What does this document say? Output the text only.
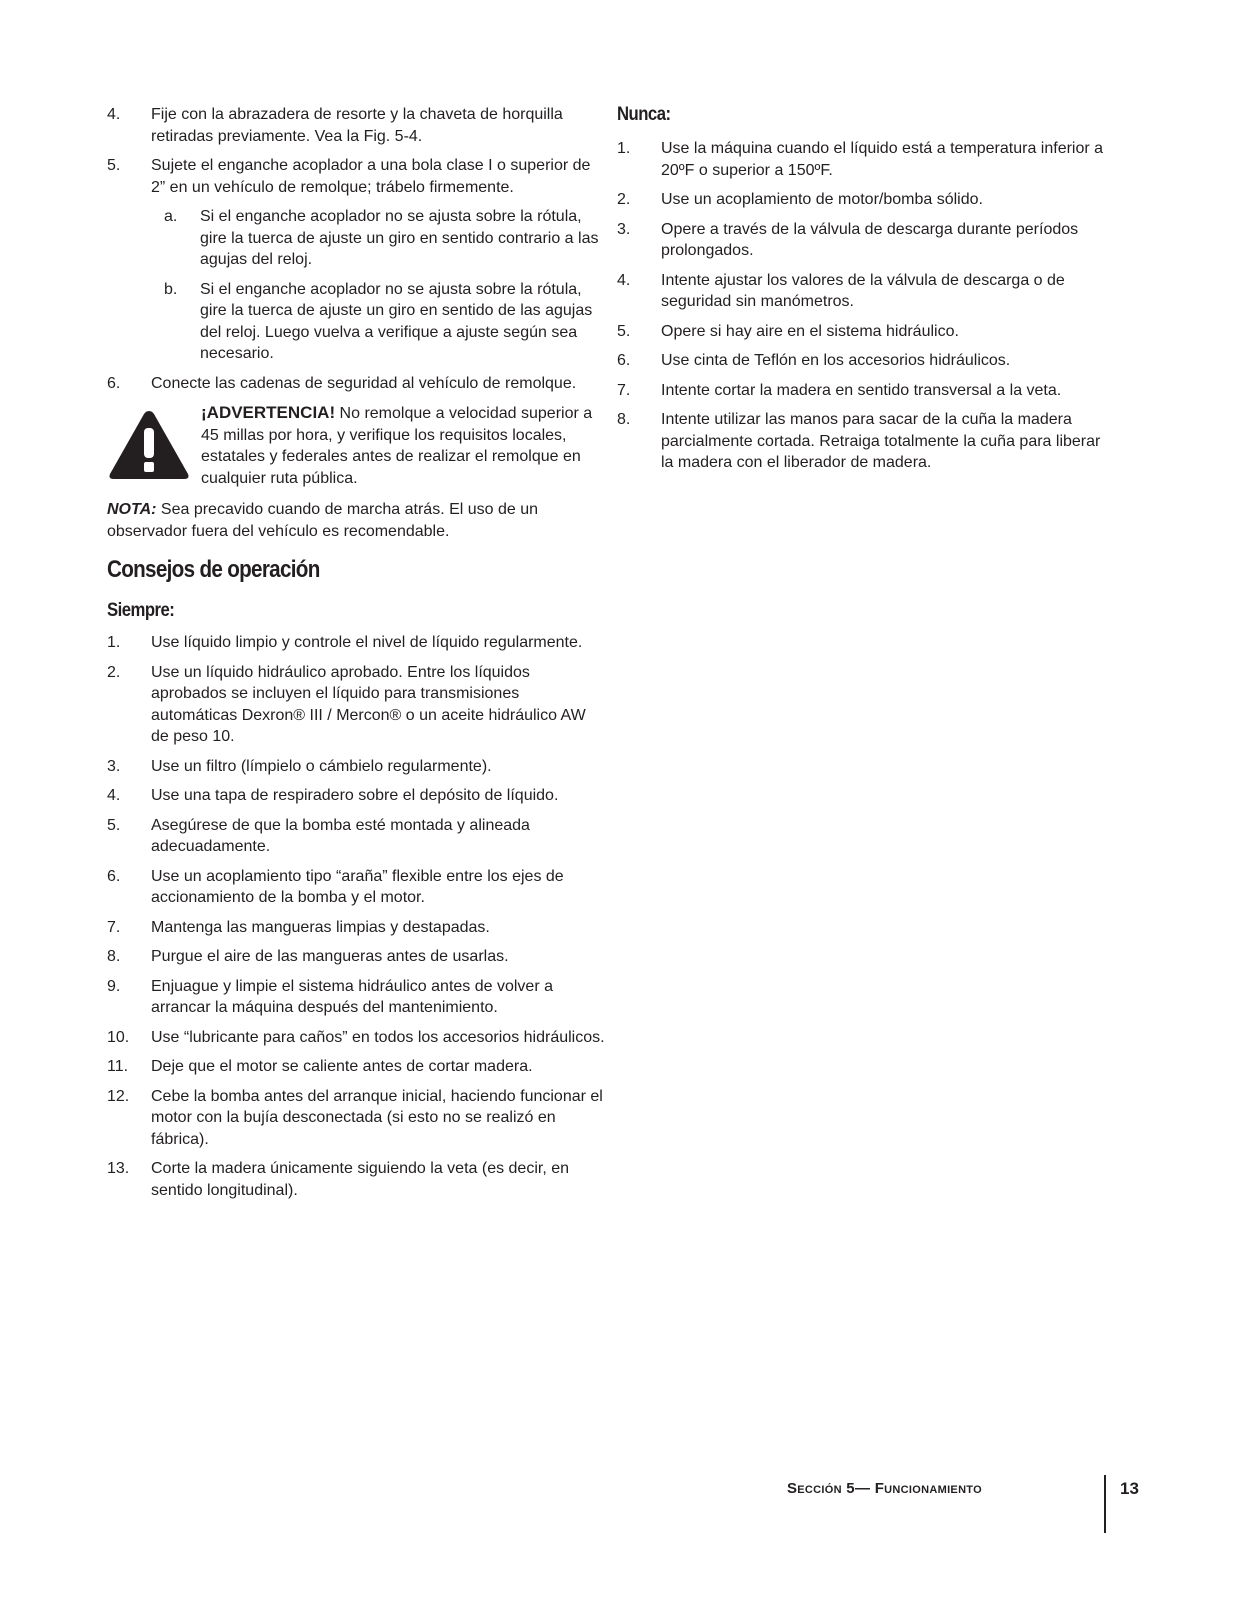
4.	Fije con la abrazadera de resorte y la chaveta de horquilla retiradas previamente. Vea la Fig. 5-4.
5.	Sujete el enganche acoplador a una bola clase I o superior de 2” en un vehículo de remolque; trábelo firmemente.
a.	Si el enganche acoplador no se ajusta sobre la rótula, gire la tuerca de ajuste un giro en sentido contrario a las agujas del reloj.
b.	Si el enganche acoplador no se ajusta sobre la rótula, gire la tuerca de ajuste un giro en sentido de las agujas del reloj. Luego vuelva a verifique a ajuste según sea necesario.
6.	Conecte las cadenas de seguridad al vehículo de remolque.
¡ADVERTENCIA! No remolque a velocidad superior a 45 millas por hora, y verifique los requisitos locales, estatales y federales antes de realizar el remolque en cualquier ruta pública.
NOTA: Sea precavido cuando de marcha atrás. El uso de un observador fuera del vehículo es recomendable.
Consejos de operación
Siempre:
1.	Use líquido limpio y controle el nivel de líquido regularmente.
2.	Use un líquido hidráulico aprobado. Entre los líquidos aprobados se incluyen el líquido para transmisiones automáticas Dexron® III / Mercon® o un aceite hidráulico AW de peso 10.
3.	Use un filtro (límpielo o cámbielo regularmente).
4.	Use una tapa de respiradero sobre el depósito de líquido.
5.	Asegúrese de que la bomba esté montada y alineada adecuadamente.
6.	Use un acoplamiento tipo “araña” flexible entre los ejes de accionamiento de la bomba y el motor.
7.	Mantenga las mangueras limpias y destapadas.
8.	Purgue el aire de las mangueras antes de usarlas.
9.	Enjuague y limpie el sistema hidráulico antes de volver a arrancar la máquina después del mantenimiento.
10.	Use “lubricante para caños” en todos los accesorios hidráulicos.
11.	Deje que el motor se caliente antes de cortar madera.
12.	Cebe la bomba antes del arranque inicial, haciendo funcionar el motor con la bujía desconectada (si esto no se realizó en fábrica).
13.	Corte la madera únicamente siguiendo la veta (es decir, en sentido longitudinal).
Nunca:
1.	Use la máquina cuando el líquido está a temperatura inferior a 20ºF o superior a 150ºF.
2.	Use un acoplamiento de motor/bomba sólido.
3.	Opere a través de la válvula de descarga durante períodos prolongados.
4.	Intente ajustar los valores de la válvula de descarga o de seguridad sin manómetros.
5.	Opere si hay aire en el sistema hidráulico.
6.	Use cinta de Teflón en los accesorios hidráulicos.
7.	Intente cortar la madera en sentido transversal a la veta.
8.	Intente utilizar las manos para sacar de la cuña la madera parcialmente cortada. Retraiga totalmente la cuña para liberar la madera con el liberador de madera.
Sección 5— Funcionamiento	13
